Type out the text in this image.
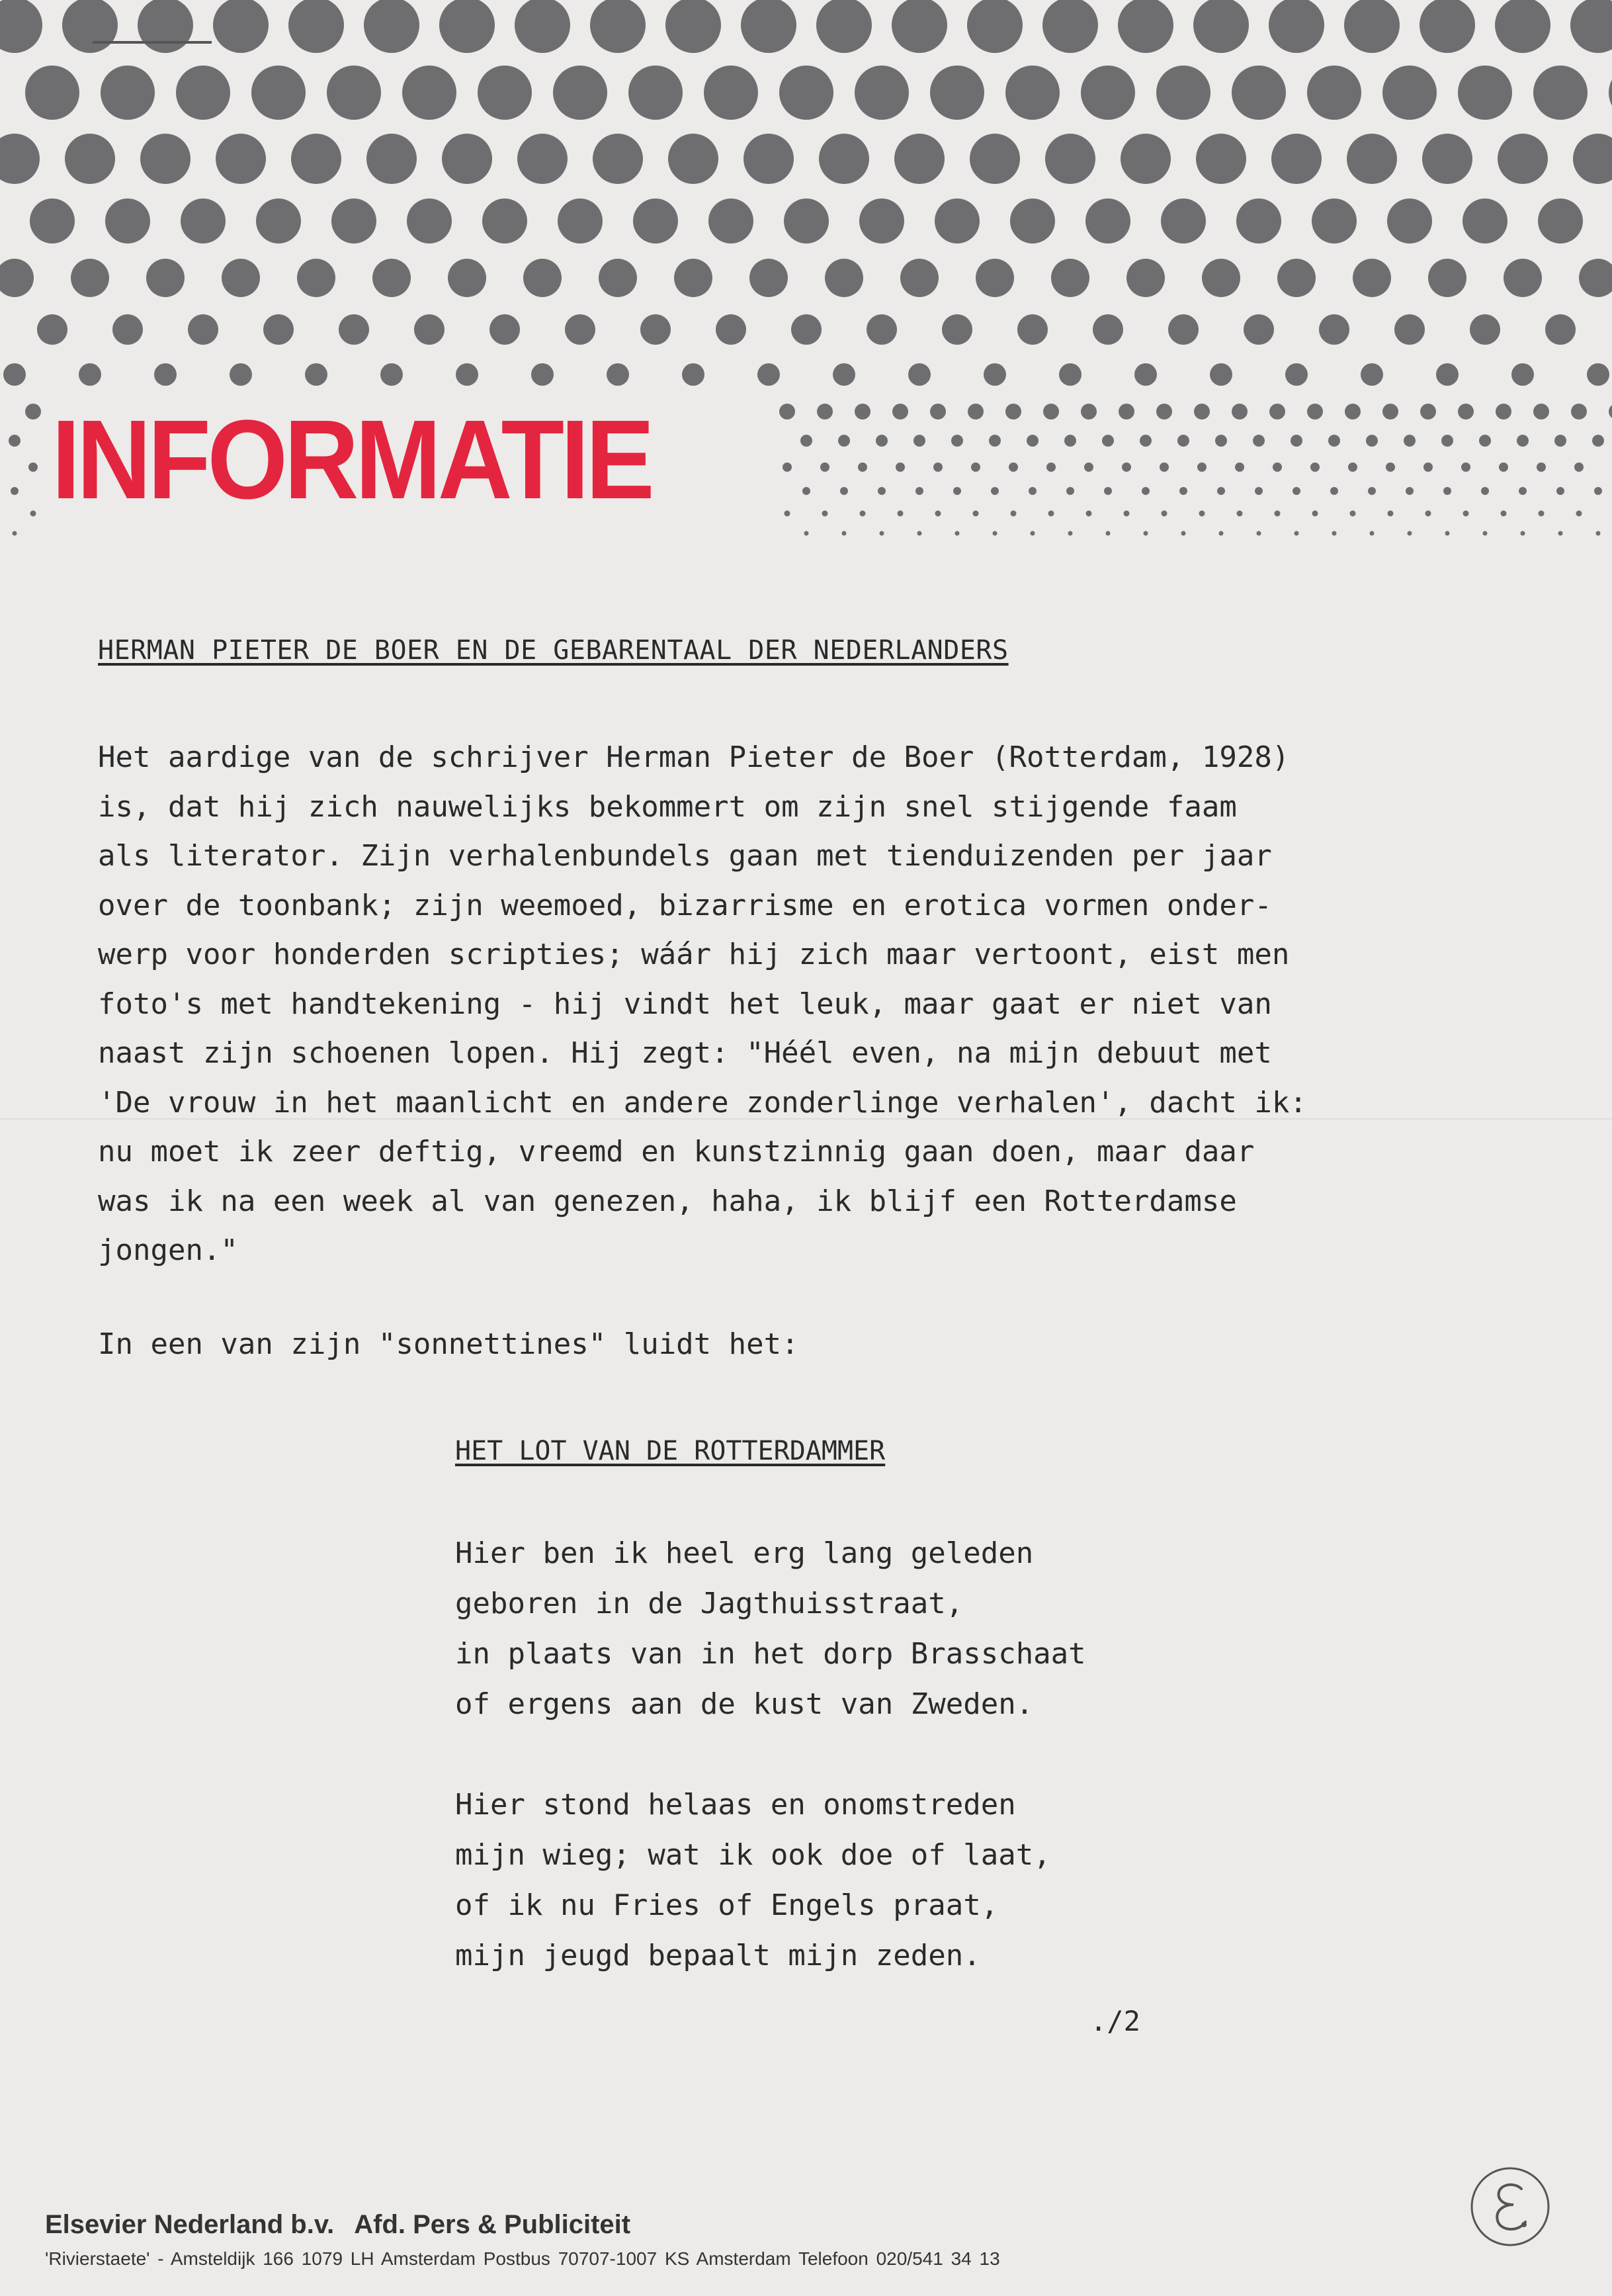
INFORMATIE
HERMAN PIETER DE BOER EN DE GEBARENTAAL DER NEDERLANDERS
Het aardige van de schrijver Herman Pieter de Boer (Rotterdam, 1928)
is, dat hij zich nauwelijks bekommert om zijn snel stijgende faam
als literator. Zijn verhalenbundels gaan met tienduizenden per jaar
over de toonbank; zijn weemoed, bizarrisme en erotica vormen onder-
werp voor honderden scripties; wáár hij zich maar vertoont, eist men
foto's met handtekening - hij vindt het leuk, maar gaat er niet van
naast zijn schoenen lopen. Hij zegt: "Héél even, na mijn debuut met
'De vrouw in het maanlicht en andere zonderlinge verhalen', dacht ik:
nu moet ik zeer deftig, vreemd en kunstzinnig gaan doen, maar daar
was ik na een week al van genezen, haha, ik blijf een Rotterdamse
jongen."
In een van zijn "sonnettines" luidt het:
HET LOT VAN DE ROTTERDAMMER
Hier ben ik heel erg lang geleden
geboren in de Jagthuisstraat,
in plaats van in het dorp Brasschaat
of ergens aan de kust van Zweden.
Hier stond helaas en onomstreden
mijn wieg; wat ik ook doe of laat,
of ik nu Fries of Engels praat,
mijn jeugd bepaalt mijn zeden.
./2
Elsevier Nederland b.v. Afd. Pers & Publiciteit
'Rivierstaete' - Amsteldijk 166 1079 LH Amsterdam Postbus 70707-1007 KS Amsterdam Telefoon 020/541 34 13
